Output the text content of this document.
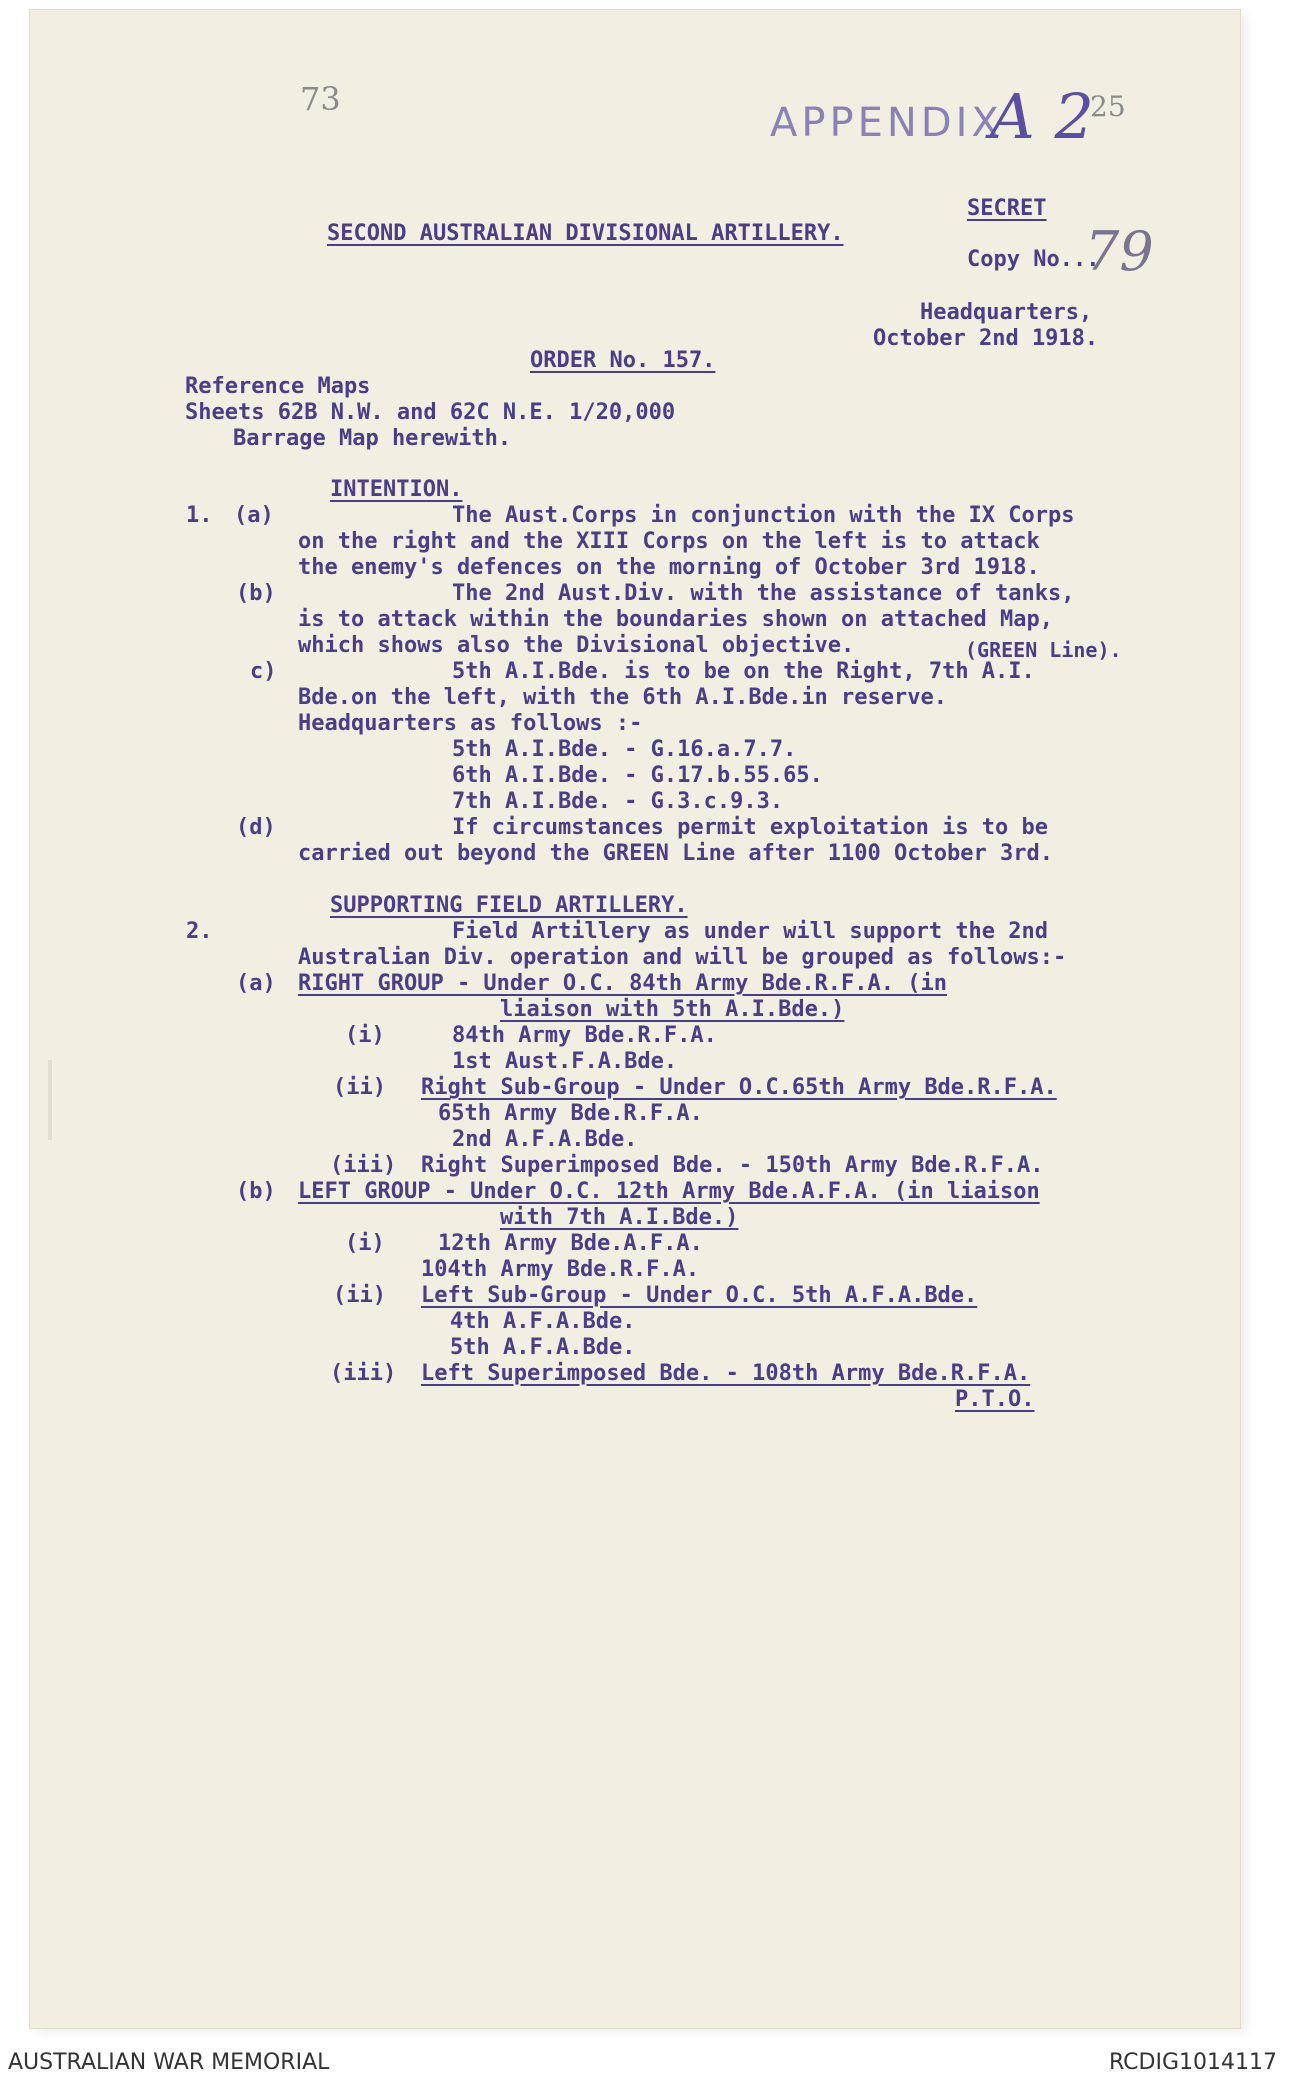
73
APPENDIX
A 2
25
SECOND AUSTRALIAN DIVISIONAL ARTILLERY.
SECRET
Copy No...
79
Headquarters,
October 2nd 1918.
ORDER No. 157.
Reference Maps
Sheets 62B N.W. and 62C N.E. 1/20,000
Barrage Map herewith.
INTENTION.
1. (a)	The Aust.Corps in conjunction with the IX Corps
on the right and the XIII Corps on the left is to attack
the enemy's defences on the morning of October 3rd 1918.
(b)	The 2nd Aust.Div. with the assistance of tanks,
is to attack within the boundaries shown on attached Map,
which shows also the Divisional objective.	(GREEN Line).
c)	5th A.I.Bde. is to be on the Right, 7th A.I.
Bde.on the left, with the 6th A.I.Bde.in reserve.
Headquarters as follows :-
5th A.I.Bde. - G.16.a.7.7.
6th A.I.Bde. - G.17.b.55.65.
7th A.I.Bde. - G.3.c.9.3.
(d)	If circumstances permit exploitation is to be
carried out beyond the GREEN Line after 1100 October 3rd.
SUPPORTING FIELD ARTILLERY.
2.	Field Artillery as under will support the 2nd
Australian Div. operation and will be grouped as follows:-
(a) RIGHT GROUP - Under O.C. 84th Army Bde.R.F.A. (in
liaison with 5th A.I.Bde.)
(i)	84th Army Bde.R.F.A.
1st Aust.F.A.Bde.
(ii) Right Sub-Group - Under O.C.65th Army Bde.R.F.A.
65th Army Bde.R.F.A.
2nd A.F.A.Bde.
(iii) Right Superimposed Bde. - 150th Army Bde.R.F.A.
(b) LEFT GROUP - Under O.C. 12th Army Bde.A.F.A. (in liaison
with 7th A.I.Bde.)
(i) 12th Army Bde.A.F.A.
104th Army Bde.R.F.A.
(ii) Left Sub-Group - Under O.C. 5th A.F.A.Bde.
4th A.F.A.Bde.
5th A.F.A.Bde.
(iii) Left Superimposed Bde. - 108th Army Bde.R.F.A.
P.T.O.
AUSTRALIAN WAR MEMORIAL	RCDIG1014117
